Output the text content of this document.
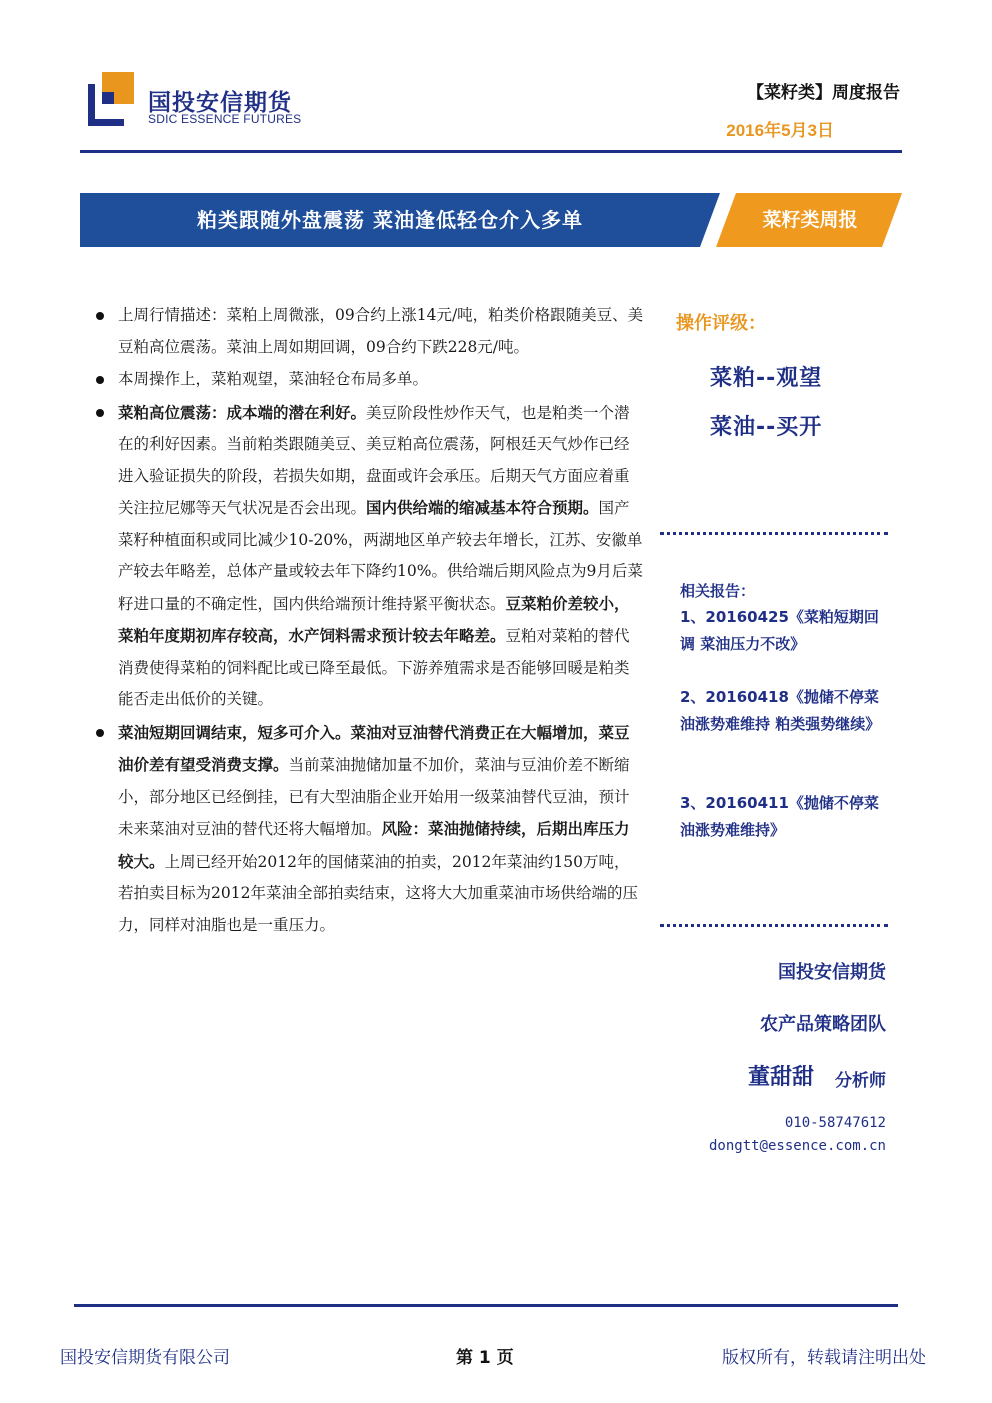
国投安信期货
SDIC ESSENCE FUTURES
【菜籽类】周度报告
2016年5月3日
粕类跟随外盘震荡 菜油逢低轻仓介入多单	菜籽类周报
上周行情描述：菜粕上周微涨，09合约上涨14元/吨，粕类价格跟随美豆、美豆粕高位震荡。菜油上周如期回调，09合约下跌228元/吨。
本周操作上，菜粕观望，菜油轻仓布局多单。
菜粕高位震荡：成本端的潜在利好。美豆阶段性炒作天气，也是粕类一个潜在的利好因素。当前粕类跟随美豆、美豆粕高位震荡，阿根廷天气炒作已经进入验证损失的阶段，若损失如期，盘面或许会承压。后期天气方面应着重关注拉尼娜等天气状况是否会出现。国内供给端的缩减基本符合预期。国产菜籽种植面积或同比减少10-20%，两湖地区单产较去年增长，江苏、安徽单产较去年略差，总体产量或较去年下降约10%。供给端后期风险点为9月后菜籽进口量的不确定性，国内供给端预计维持紧平衡状态。豆菜粕价差较小，菜粕年度期初库存较高，水产饲料需求预计较去年略差。豆粕对菜粕的替代消费使得菜粕的饲料配比或已降至最低。下游养殖需求是否能够回暖是粕类能否走出低价的关键。
菜油短期回调结束，短多可介入。菜油对豆油替代消费正在大幅增加，菜豆油价差有望受消费支撑。当前菜油抛储加量不加价，菜油与豆油价差不断缩小，部分地区已经倒挂，已有大型油脂企业开始用一级菜油替代豆油，预计未来菜油对豆油的替代还将大幅增加。风险：菜油抛储持续，后期出库压力较大。上周已经开始2012年的国储菜油的拍卖，2012年菜油约150万吨，若拍卖目标为2012年菜油全部拍卖结束，这将大大加重菜油市场供给端的压力，同样对油脂也是一重压力。
操作评级：
菜粕--观望
菜油--买开
相关报告：
1、20160425《菜粕短期回调 菜油压力不改》
2、20160418《抛储不停菜油涨势难维持 粕类强势继续》
3、20160411《抛储不停菜油涨势难维持》
国投安信期货
农产品策略团队
董甜甜 分析师
010-58747612
dongtt@essence.com.cn
国投安信期货有限公司	第 1 页	版权所有，转载请注明出处
